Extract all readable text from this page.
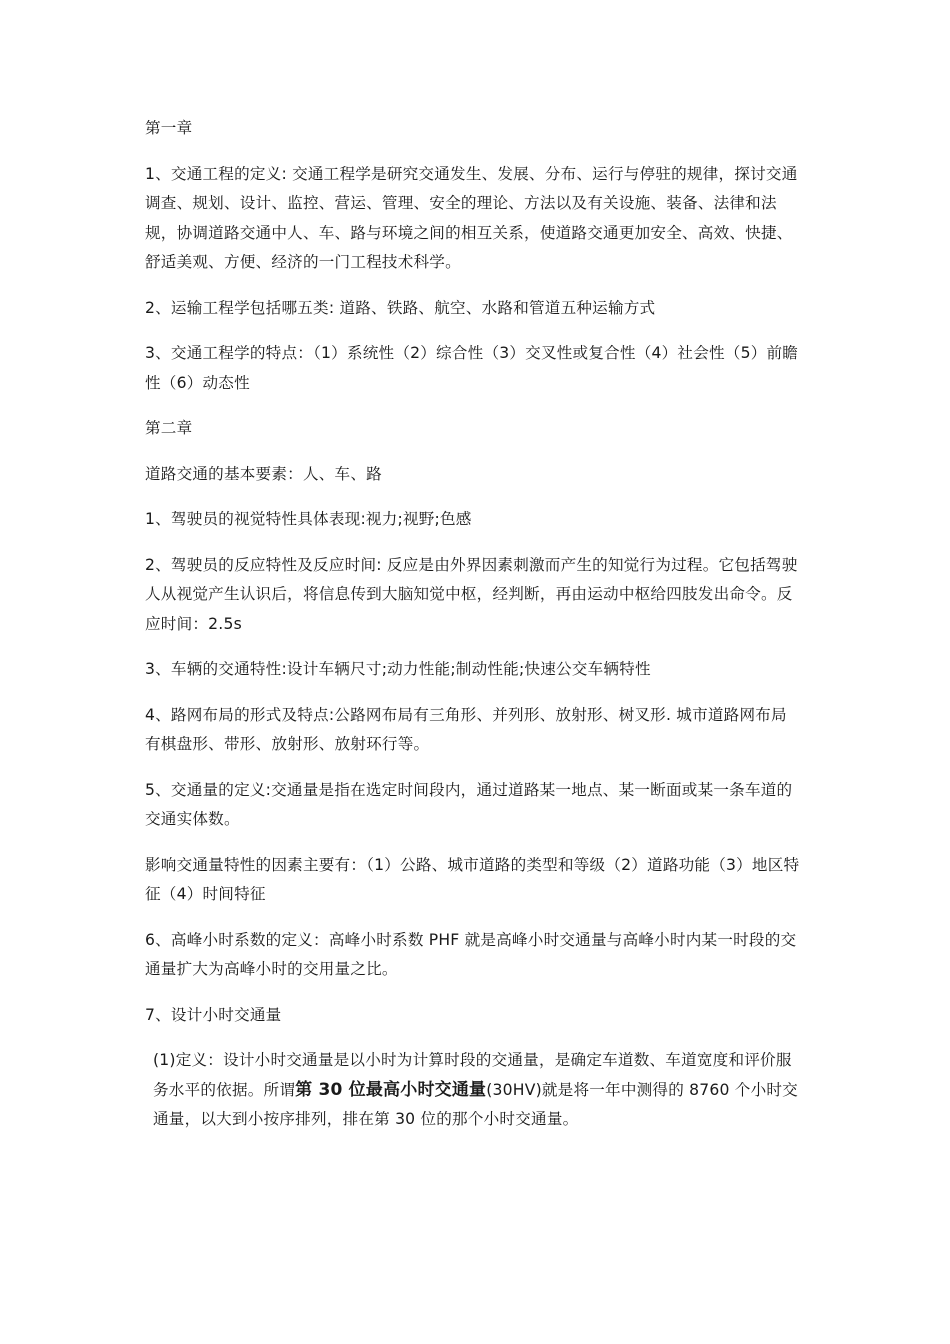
第一章
1、交通工程的定义: 交通工程学是研究交通发生、发展、分布、运行与停驻的规律，探讨交通调查、规划、设计、监控、营运、管理、安全的理论、方法以及有关设施、装备、法律和法规，协调道路交通中人、车、路与环境之间的相互关系，使道路交通更加安全、高效、快捷、舒适美观、方便、经济的一门工程技术科学。
2、运输工程学包括哪五类: 道路、铁路、航空、水路和管道五种运输方式
3、交通工程学的特点：（1）系统性（2）综合性（3）交叉性或复合性（4）社会性（5）前瞻性（6）动态性
第二章
道路交通的基本要素：人、车、路
1、驾驶员的视觉特性具体表现:视力;视野;色感
2、驾驶员的反应特性及反应时间: 反应是由外界因素刺激而产生的知觉行为过程。它包括驾驶人从视觉产生认识后，将信息传到大脑知觉中枢，经判断，再由运动中枢给四肢发出命令。反应时间：2.5s
3、车辆的交通特性:设计车辆尺寸;动力性能;制动性能;快速公交车辆特性
4、路网布局的形式及特点:公路网布局有三角形、并列形、放射形、树叉形. 城市道路网布局有棋盘形、带形、放射形、放射环行等。
5、交通量的定义:交通量是指在选定时间段内，通过道路某一地点、某一断面或某一条车道的交通实体数。
影响交通量特性的因素主要有：（1）公路、城市道路的类型和等级（2）道路功能（3）地区特征（4）时间特征
6、高峰小时系数的定义：高峰小时系数 PHF 就是高峰小时交通量与高峰小时内某一时段的交通量扩大为高峰小时的交用量之比。
7、设计小时交通量
(1)定义：设计小时交通量是以小时为计算时段的交通量，是确定车道数、车道宽度和评价服务水平的依据。所谓第 30 位最高小时交通量(30HV)就是将一年中测得的 8760 个小时交通量，以大到小按序排列，排在第 30 位的那个小时交通量。
